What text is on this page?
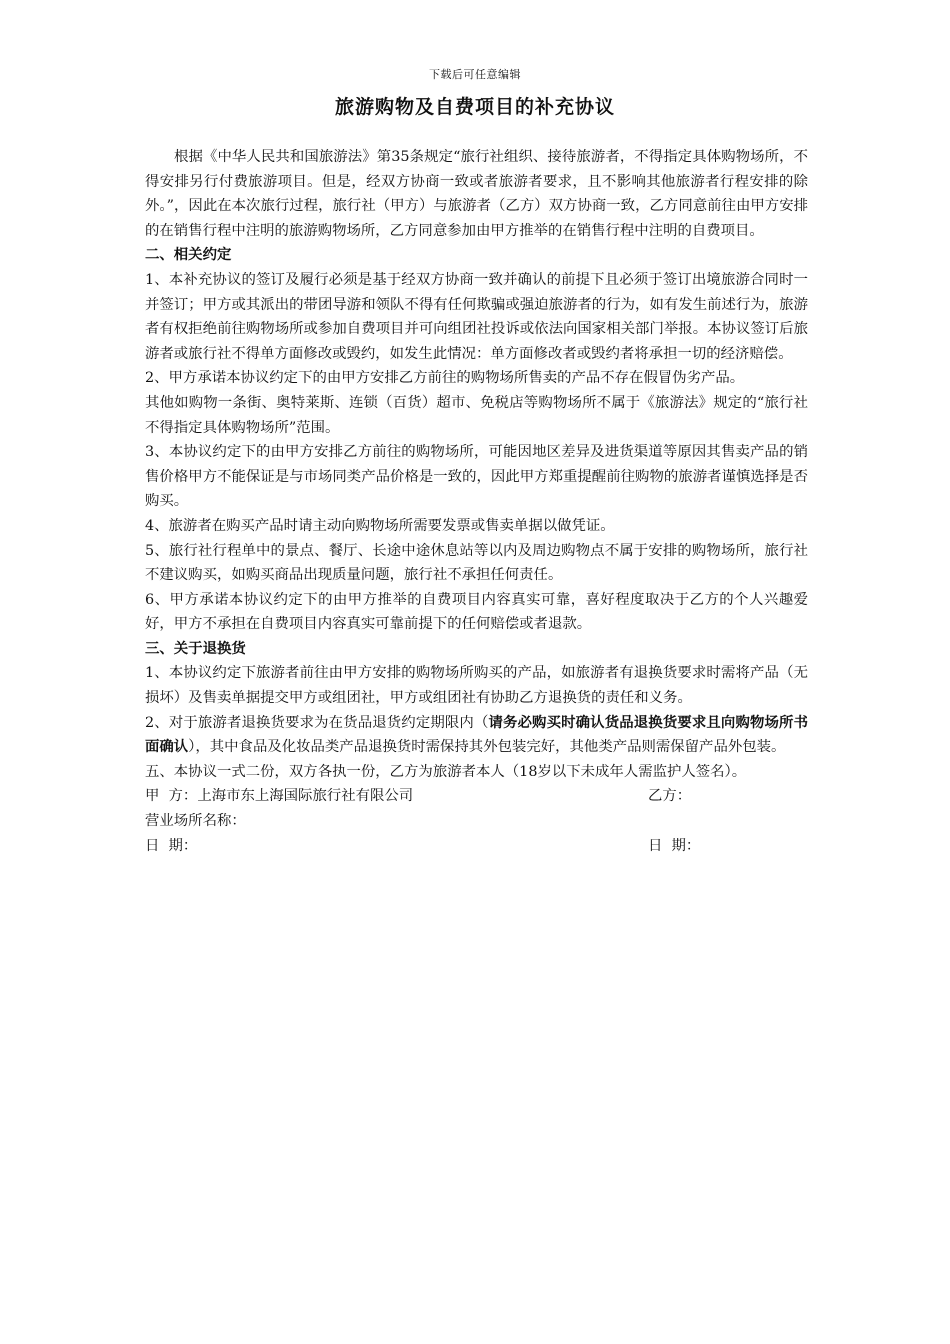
下载后可任意编辑
旅游购物及自费项目的补充协议

根据《中华人民共和国旅游法》第35条规定“旅行社组织、接待旅游者，不得指定具体购物场所，不得安排另行付费旅游项目。但是，经双方协商一致或者旅游者要求，且不影响其他旅游者行程安排的除外。”，因此在本次旅行过程，旅行社（甲方）与旅游者（乙方）双方协商一致，乙方同意前往由甲方安排的在销售行程中注明的旅游购物场所，乙方同意参加由甲方推举的在销售行程中注明的自费项目。

二、相关约定

1、本补充协议的签订及履行必须是基于经双方协商一致并确认的前提下且必须于签订出境旅游合同时一并签订；甲方或其派出的带团导游和领队不得有任何欺骗或强迫旅游者的行为，如有发生前述行为，旅游者有权拒绝前往购物场所或参加自费项目并可向组团社投诉或依法向国家相关部门举报。本协议签订后旅游者或旅行社不得单方面修改或毁约，如发生此情况：单方面修改者或毁约者将承担一切的经济赔偿。

2、甲方承诺本协议约定下的由甲方安排乙方前往的购物场所售卖的产品不存在假冒伪劣产品。

其他如购物一条街、奥特莱斯、连锁（百货）超市、免税店等购物场所不属于《旅游法》规定的“旅行社不得指定具体购物场所”范围。

3、本协议约定下的由甲方安排乙方前往的购物场所，可能因地区差异及进货渠道等原因其售卖产品的销售价格甲方不能保证是与市场同类产品价格是一致的，因此甲方郑重提醒前往购物的旅游者谨慎选择是否购买。

4、旅游者在购买产品时请主动向购物场所需要发票或售卖单据以做凭证。

5、旅行社行程单中的景点、餐厅、长途中途休息站等以内及周边购物点不属于安排的购物场所，旅行社不建议购买，如购买商品出现质量问题，旅行社不承担任何责任。

6、甲方承诺本协议约定下的由甲方推举的自费项目内容真实可靠，喜好程度取决于乙方的个人兴趣爱好，甲方不承担在自费项目内容真实可靠前提下的任何赔偿或者退款。

三、关于退换货

1、本协议约定下旅游者前往由甲方安排的购物场所购买的产品，如旅游者有退换货要求时需将产品（无损坏）及售卖单据提交甲方或组团社，甲方或组团社有协助乙方退换货的责任和义务。

2、对于旅游者退换货要求为在货品退货约定期限内（请务必购买时确认货品退换货要求且向购物场所书面确认），其中食品及化妆品类产品退换货时需保持其外包装完好，其他类产品则需保留产品外包装。

五、本协议一式二份，双方各执一份，乙方为旅游者本人（18岁以下未成年人需监护人签名）。

甲  方：上海市东上海国际旅行社有限公司	乙方：
营业场所名称：
日  期：	日  期：
